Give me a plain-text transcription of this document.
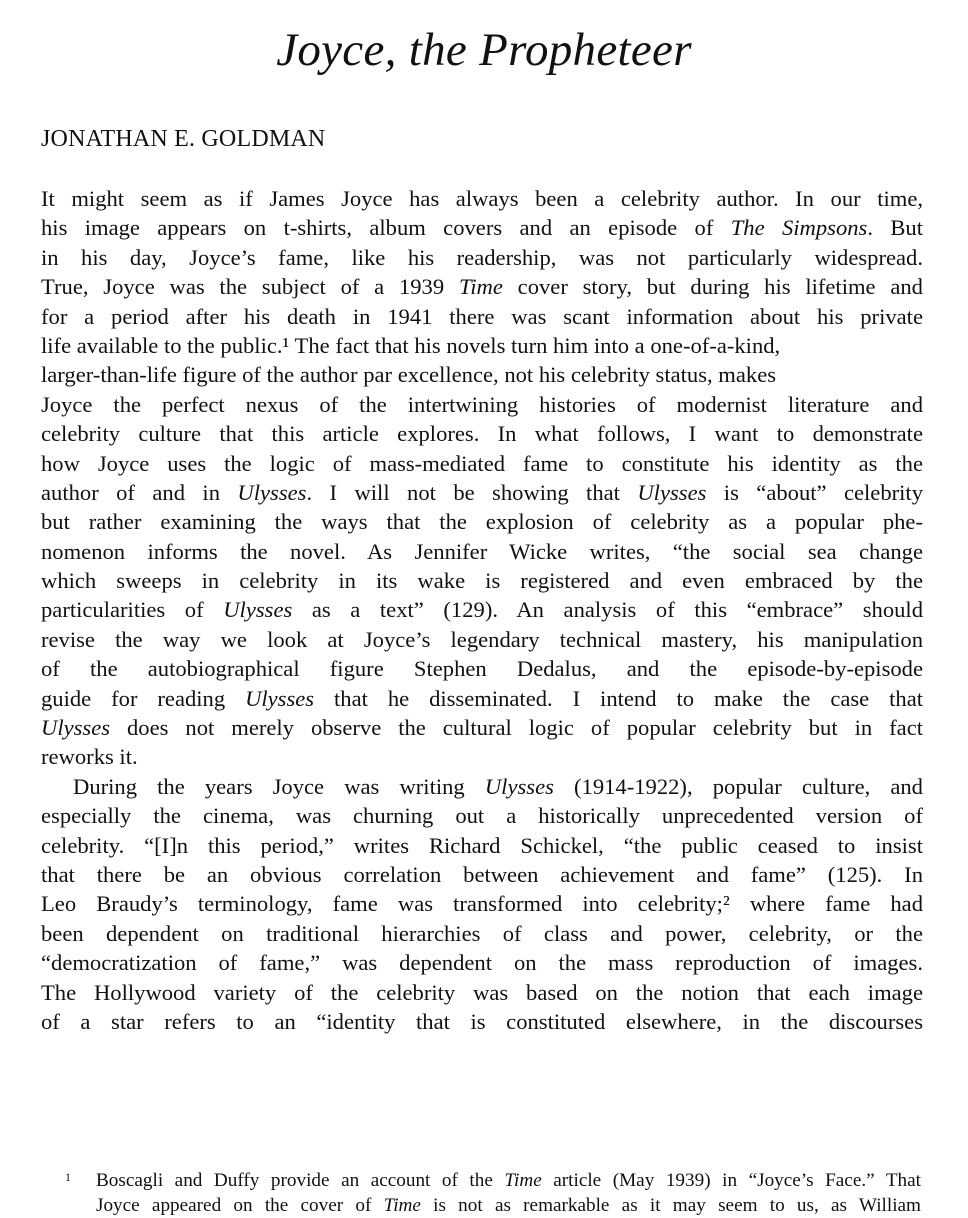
Joyce, the Propheteer
JONATHAN E. GOLDMAN
It might seem as if James Joyce has always been a celebrity author. In our time,
his image appears on t-shirts, album covers and an episode of The Simpsons. But
in his day, Joyce’s fame, like his readership, was not particularly widespread.
True, Joyce was the subject of a 1939 Time cover story, but during his lifetime and
for a period after his death in 1941 there was scant information about his private
life available to the public.¹ The fact that his novels turn him into a one-of-a-kind,
larger-than-life figure of the author par excellence, not his celebrity status, makes
Joyce the perfect nexus of the intertwining histories of modernist literature and
celebrity culture that this article explores. In what follows, I want to demonstrate
how Joyce uses the logic of mass-mediated fame to constitute his identity as the
author of and in Ulysses. I will not be showing that Ulysses is “about” celebrity
but rather examining the ways that the explosion of celebrity as a popular phe-
nomenon informs the novel. As Jennifer Wicke writes, “the social sea change
which sweeps in celebrity in its wake is registered and even embraced by the
particularities of Ulysses as a text” (129). An analysis of this “embrace” should
revise the way we look at Joyce’s legendary technical mastery, his manipulation
of the autobiographical figure Stephen Dedalus, and the episode-by-episode
guide for reading Ulysses that he disseminated. I intend to make the case that
Ulysses does not merely observe the cultural logic of popular celebrity but in fact
reworks it.
During the years Joyce was writing Ulysses (1914-1922), popular culture, and
especially the cinema, was churning out a historically unprecedented version of
celebrity. “[I]n this period,” writes Richard Schickel, “the public ceased to insist
that there be an obvious correlation between achievement and fame” (125). In
Leo Braudy’s terminology, fame was transformed into celebrity;² where fame had
been dependent on traditional hierarchies of class and power, celebrity, or the
“democratization of fame,” was dependent on the mass reproduction of images.
The Hollywood variety of the celebrity was based on the notion that each image
of a star refers to an “identity that is constituted elsewhere, in the discourses
1 Boscagli and Duffy provide an account of the Time article (May 1939) in “Joyce’s Face.” That
Joyce appeared on the cover of Time is not as remarkable as it may seem to us, as William
